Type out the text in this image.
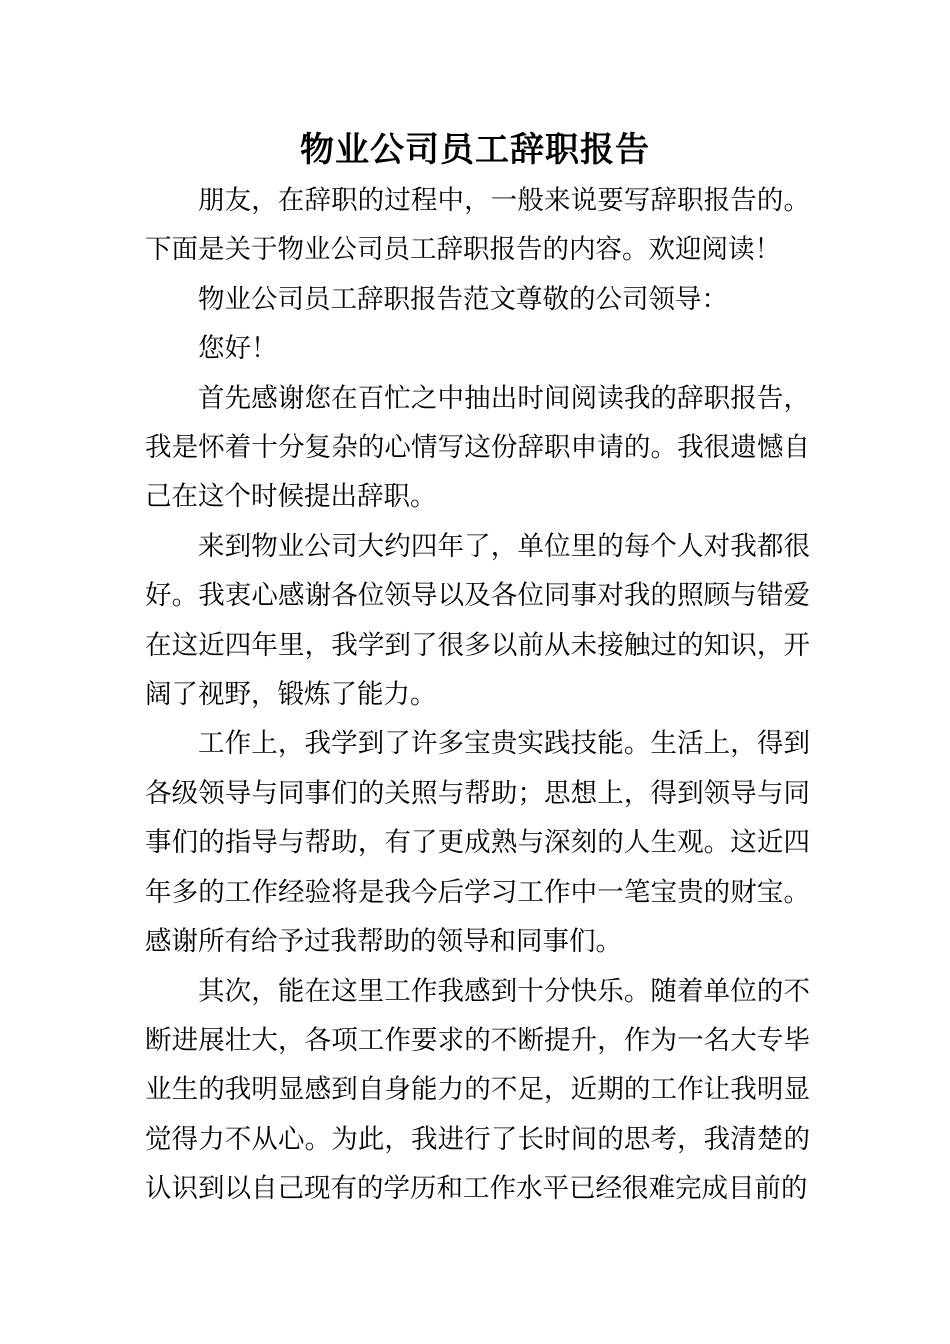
物业公司员工辞职报告

朋友，在辞职的过程中，一般来说要写辞职报告的。下面是关于物业公司员工辞职报告的内容。欢迎阅读！

物业公司员工辞职报告范文尊敬的公司领导：

您好！

首先感谢您在百忙之中抽出时间阅读我的辞职报告，我是怀着十分复杂的心情写这份辞职申请的。我很遗憾自己在这个时候提出辞职。

来到物业公司大约四年了，单位里的每个人对我都很好。我衷心感谢各位领导以及各位同事对我的照顾与错爱在这近四年里，我学到了很多以前从未接触过的知识，开阔了视野，锻炼了能力。

工作上，我学到了许多宝贵实践技能。生活上，得到各级领导与同事们的关照与帮助；思想上，得到领导与同事们的指导与帮助，有了更成熟与深刻的人生观。这近四年多的工作经验将是我今后学习工作中一笔宝贵的财宝。感谢所有给予过我帮助的领导和同事们。

其次，能在这里工作我感到十分快乐。随着单位的不断进展壮大，各项工作要求的不断提升，作为一名大专毕业生的我明显感到自身能力的不足，近期的工作让我明显觉得力不从心。为此，我进行了长时间的思考，我清楚的认识到以自己现有的学历和工作水平已经很难完成目前的
